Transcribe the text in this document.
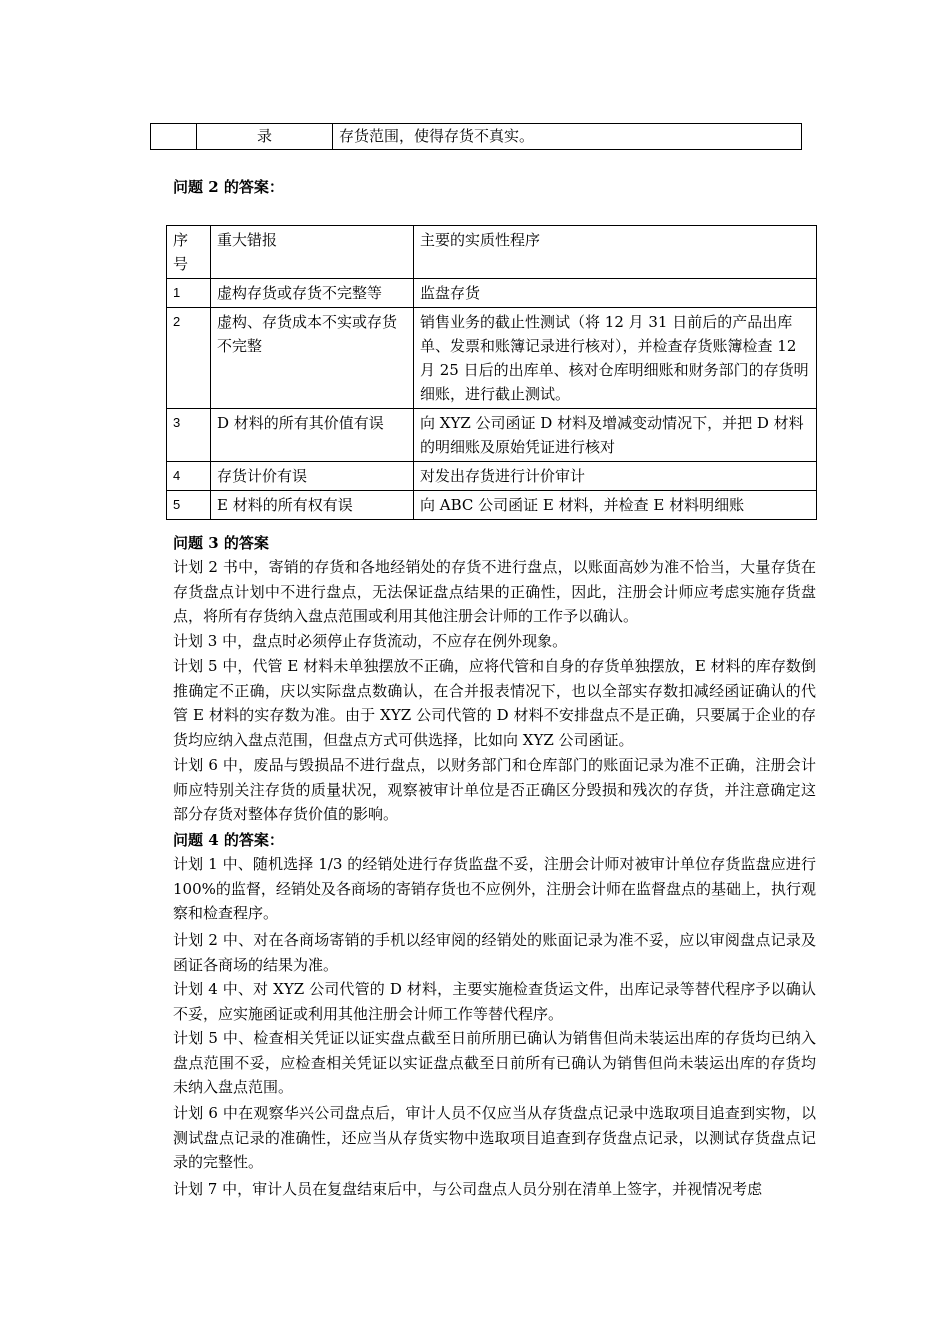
	录	存货范围，使得存货不真实。
问题 2 的答案：
序
号	重大错报	主要的实质性程序
1	虚构存货或存货不完整等	监盘存货
2	虚构、存货成本不实或存货不完整	销售业务的截止性测试（将 12 月 31 日前后的产品出库单、发票和账簿记录进行核对），并检查存货账簿检查 12 月 25 日后的出库单、核对仓库明细账和财务部门的存货明细账，进行截止测试。
3	D 材料的所有其价值有误	向 XYZ 公司函证 D 材料及增减变动情况下，并把 D 材料的明细账及原始凭证进行核对
4	存货计价有误	对发出存货进行计价审计
5	E 材料的所有权有误	向 ABC 公司函证 E 材料，并检查 E 材料明细账
问题 3 的答案

计划 2 书中，寄销的存货和各地经销处的存货不进行盘点，以账面高妙为准不恰当，大量存货在存货盘点计划中不进行盘点，无法保证盘点结果的正确性，因此，注册会计师应考虑实施存货盘点，将所有存货纳入盘点范围或利用其他注册会计师的工作予以确认。

计划 3 中，盘点时必须停止存货流动，不应存在例外现象。

计划 5 中，代管 E 材料未单独摆放不正确，应将代管和自身的存货单独摆放，E 材料的库存数倒推确定不正确，庆以实际盘点数确认，在合并报表情况下，也以全部实存数扣减经函证确认的代管 E 材料的实存数为准。由于 XYZ 公司代管的 D 材料不安排盘点不是正确，只要属于企业的存货均应纳入盘点范围，但盘点方式可供选择，比如向 XYZ 公司函证。

计划 6 中，废品与毁损品不进行盘点，以财务部门和仓库部门的账面记录为准不正确，注册会计师应特别关注存货的质量状况，观察被审计单位是否正确区分毁损和残次的存货，并注意确定这部分存货对整体存货价值的影响。

问题 4 的答案：

计划 1 中、随机选择 1/3 的经销处进行存货监盘不妥，注册会计师对被审计单位存货监盘应进行 100%的监督，经销处及各商场的寄销存货也不应例外，注册会计师在监督盘点的基础上，执行观察和检查程序。

计划 2 中、对在各商场寄销的手机以经审阅的经销处的账面记录为准不妥，应以审阅盘点记录及函证各商场的结果为准。

计划 4 中、对 XYZ 公司代管的 D 材料，主要实施检查货运文件，出库记录等替代程序予以确认不妥，应实施函证或利用其他注册会计师工作等替代程序。

计划 5 中、检查相关凭证以证实盘点截至日前所朋已确认为销售但尚未装运出库的存货均已纳入盘点范围不妥，应检查相关凭证以实证盘点截至日前所有已确认为销售但尚未装运出库的存货均未纳入盘点范围。

计划 6 中在观察华兴公司盘点后，审计人员不仅应当从存货盘点记录中选取项目追查到实物，以测试盘点记录的准确性，还应当从存货实物中选取项目追查到存货盘点记录，以测试存货盘点记录的完整性。

计划 7 中，审计人员在复盘结束后中，与公司盘点人员分别在清单上签字，并视情况考虑
